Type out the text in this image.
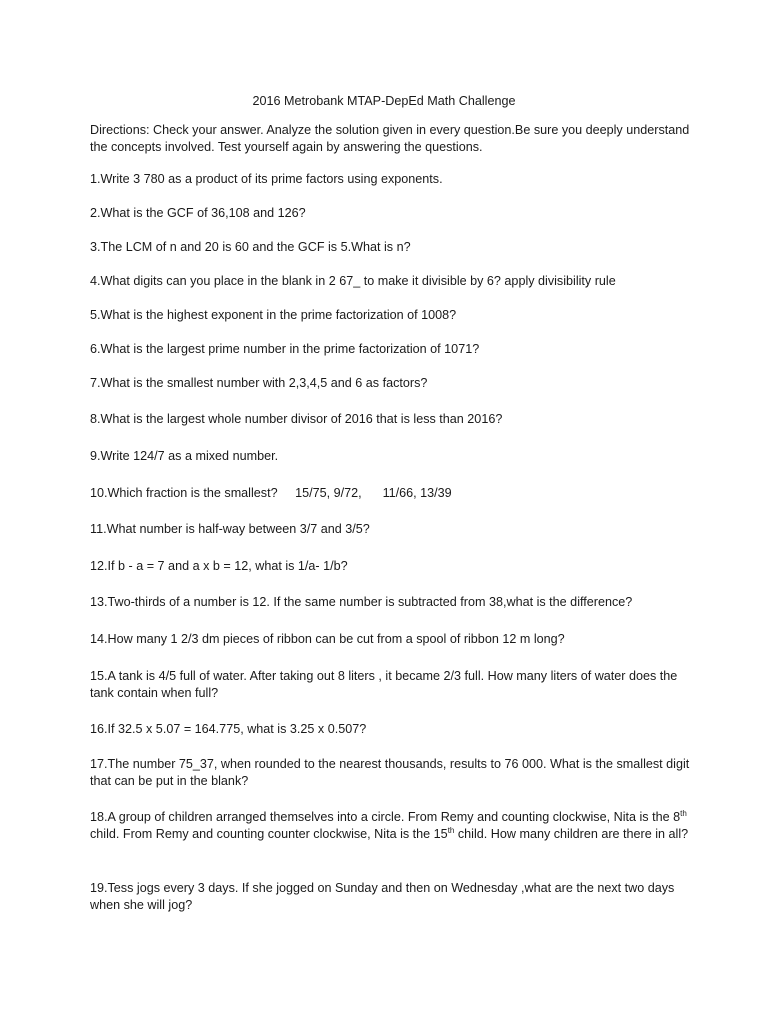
2016 Metrobank MTAP-DepEd Math Challenge
Directions: Check your answer. Analyze the solution given in every question.Be sure you deeply understand the concepts involved. Test yourself again by answering the questions.
1.Write 3 780 as a product of its prime factors using exponents.
2.What is the GCF of 36,108 and 126?
3.The LCM of n and 20 is 60 and the GCF is 5.What is n?
4.What digits can you place in the blank in 2 67_ to make it divisible by 6? apply divisibility rule
5.What is the highest exponent in the prime factorization of 1008?
6.What is the largest prime number in the prime factorization of 1071?
7.What is the smallest number with 2,3,4,5 and 6 as factors?
8.What is the largest whole number divisor of 2016 that is less than 2016?
9.Write 124/7 as a mixed number.
10.Which fraction is the smallest?     15/75, 9/72,      11/66, 13/39
11.What number is half-way between 3/7 and 3/5?
12.If b - a = 7 and a x b = 12, what is 1/a- 1/b?
13.Two-thirds of a number is 12. If the same number is subtracted from 38,what is the difference?
14.How many 1 2/3 dm pieces of ribbon can be cut from a spool of ribbon 12 m long?
15.A tank is 4/5 full of water. After taking out 8 liters , it became 2/3 full. How many liters of water does the tank contain when full?
16.If 32.5 x 5.07 = 164.775, what is 3.25 x 0.507?
17.The number 75_37, when rounded to the nearest thousands, results to 76 000. What is the smallest digit that can be put in the blank?
18.A group of children arranged themselves into a circle. From Remy and counting clockwise, Nita is the 8th child. From Remy and counting counter clockwise, Nita is the 15th child. How many children are there in all?
19.Tess jogs every 3 days. If she jogged on Sunday and then on Wednesday ,what are the next two days when she will jog?
